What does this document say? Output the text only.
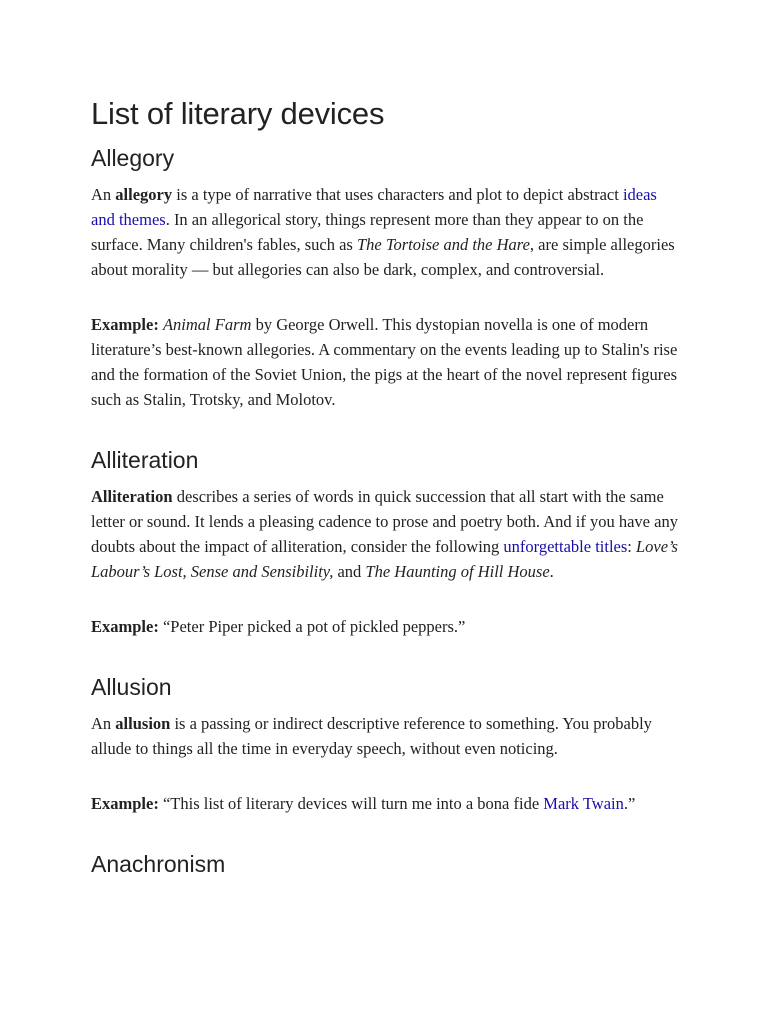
List of literary devices
Allegory

An allegory is a type of narrative that uses characters and plot to depict abstract ideas and themes. In an allegorical story, things represent more than they appear to on the surface. Many children's fables, such as The Tortoise and the Hare, are simple allegories about morality — but allegories can also be dark, complex, and controversial.

Example: Animal Farm by George Orwell. This dystopian novella is one of modern literature’s best-known allegories. A commentary on the events leading up to Stalin's rise and the formation of the Soviet Union, the pigs at the heart of the novel represent figures such as Stalin, Trotsky, and Molotov.

Alliteration

Alliteration describes a series of words in quick succession that all start with the same letter or sound. It lends a pleasing cadence to prose and poetry both. And if you have any doubts about the impact of alliteration, consider the following unforgettable titles: Love’s Labour’s Lost, Sense and Sensibility, and The Haunting of Hill House.

Example: “Peter Piper picked a pot of pickled peppers.”

Allusion

An allusion is a passing or indirect descriptive reference to something. You probably allude to things all the time in everyday speech, without even noticing.

Example: “This list of literary devices will turn me into a bona fide Mark Twain.”

Anachronism
